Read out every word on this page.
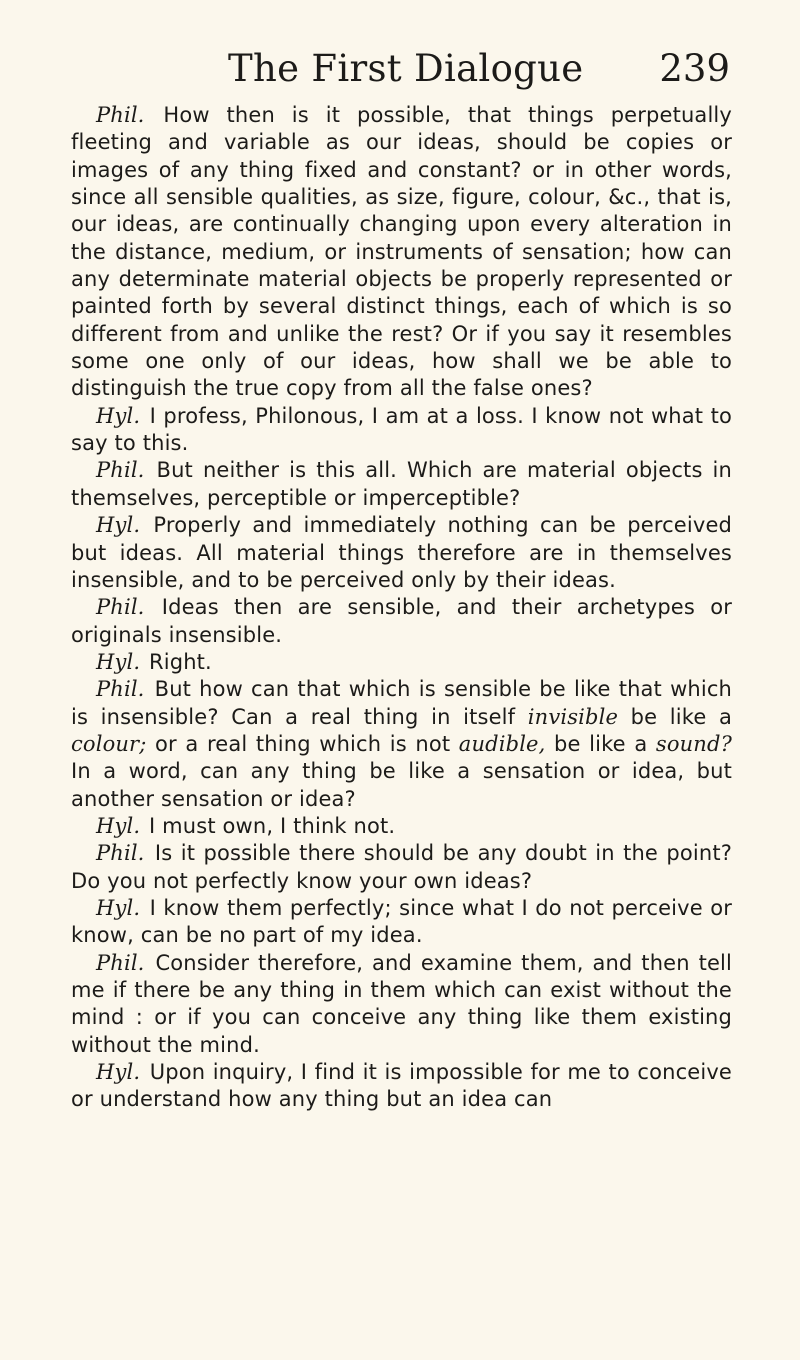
The First Dialogue 239

Phil. How then is it possible, that things perpetually fleeting and variable as our ideas, should be copies or images of any thing fixed and constant? or in other words, since all sensible qualities, as size, figure, colour, &c., that is, our ideas, are continually changing upon every alteration in the distance, medium, or instruments of sensation; how can any determinate material objects be properly represented or painted forth by several distinct things, each of which is so different from and unlike the rest? Or if you say it resembles some one only of our ideas, how shall we be able to distinguish the true copy from all the false ones?

Hyl. I profess, Philonous, I am at a loss. I know not what to say to this.

Phil. But neither is this all. Which are material objects in themselves, perceptible or imperceptible?

Hyl. Properly and immediately nothing can be perceived but ideas. All material things therefore are in themselves insensible, and to be perceived only by their ideas.

Phil. Ideas then are sensible, and their archetypes or originals insensible.

Hyl. Right.

Phil. But how can that which is sensible be like that which is insensible? Can a real thing in itself invisible be like a colour; or a real thing which is not audible, be like a sound? In a word, can any thing be like a sensation or idea, but another sensation or idea?

Hyl. I must own, I think not.

Phil. Is it possible there should be any doubt in the point? Do you not perfectly know your own ideas?

Hyl. I know them perfectly; since what I do not perceive or know, can be no part of my idea.

Phil. Consider therefore, and examine them, and then tell me if there be any thing in them which can exist without the mind : or if you can conceive any thing like them existing without the mind.

Hyl. Upon inquiry, I find it is impossible for me to conceive or understand how any thing but an idea can
